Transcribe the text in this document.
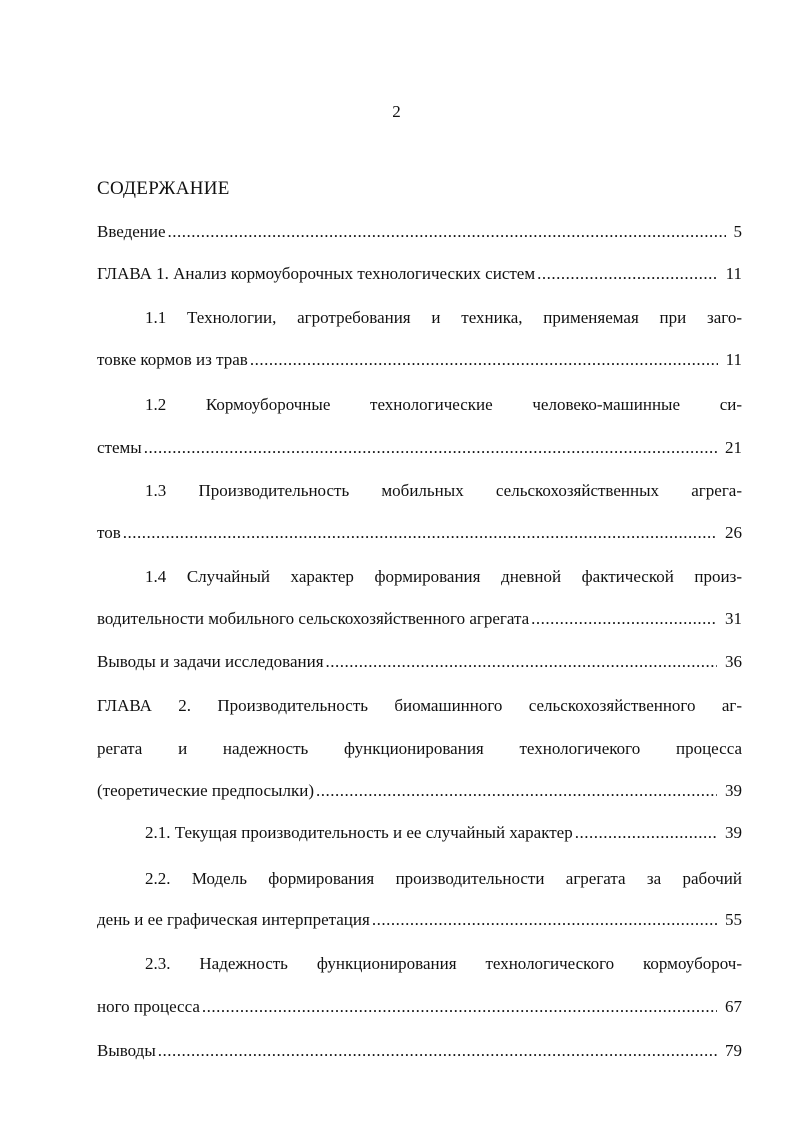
2
СОДЕРЖАНИЕ
Введение .....	5
ГЛАВА 1. Анализ кормоуборочных технологических систем .....	11
1.1 Технологии, агротребования и техника, применяемая при заго-
товке кормов из трав .....	11
1.2 Кормоуборочные технологические человеко-машинные си-
стемы .....	21
1.3 Производительность мобильных сельскохозяйственных агрега-
тов .....	26
1.4 Случайный характер формирования дневной фактической произ-
водительности мобильного сельскохозяйственного агрегата .....	31
Выводы и задачи исследования .....	36
ГЛАВА 2. Производительность биомашинного сельскохозяйственного аг-
регата и надежность функционирования технологичекого процесса
(теоретические предпосылки) .....	39
2.1. Текущая производительность и ее случайный характер .....	39
2.2. Модель формирования производительности агрегата за рабочий
день и ее графическая интерпретация .....	55
2.3. Надежность функционирования технологического кормоубороч-
ного процесса .....	67
Выводы .....	79
